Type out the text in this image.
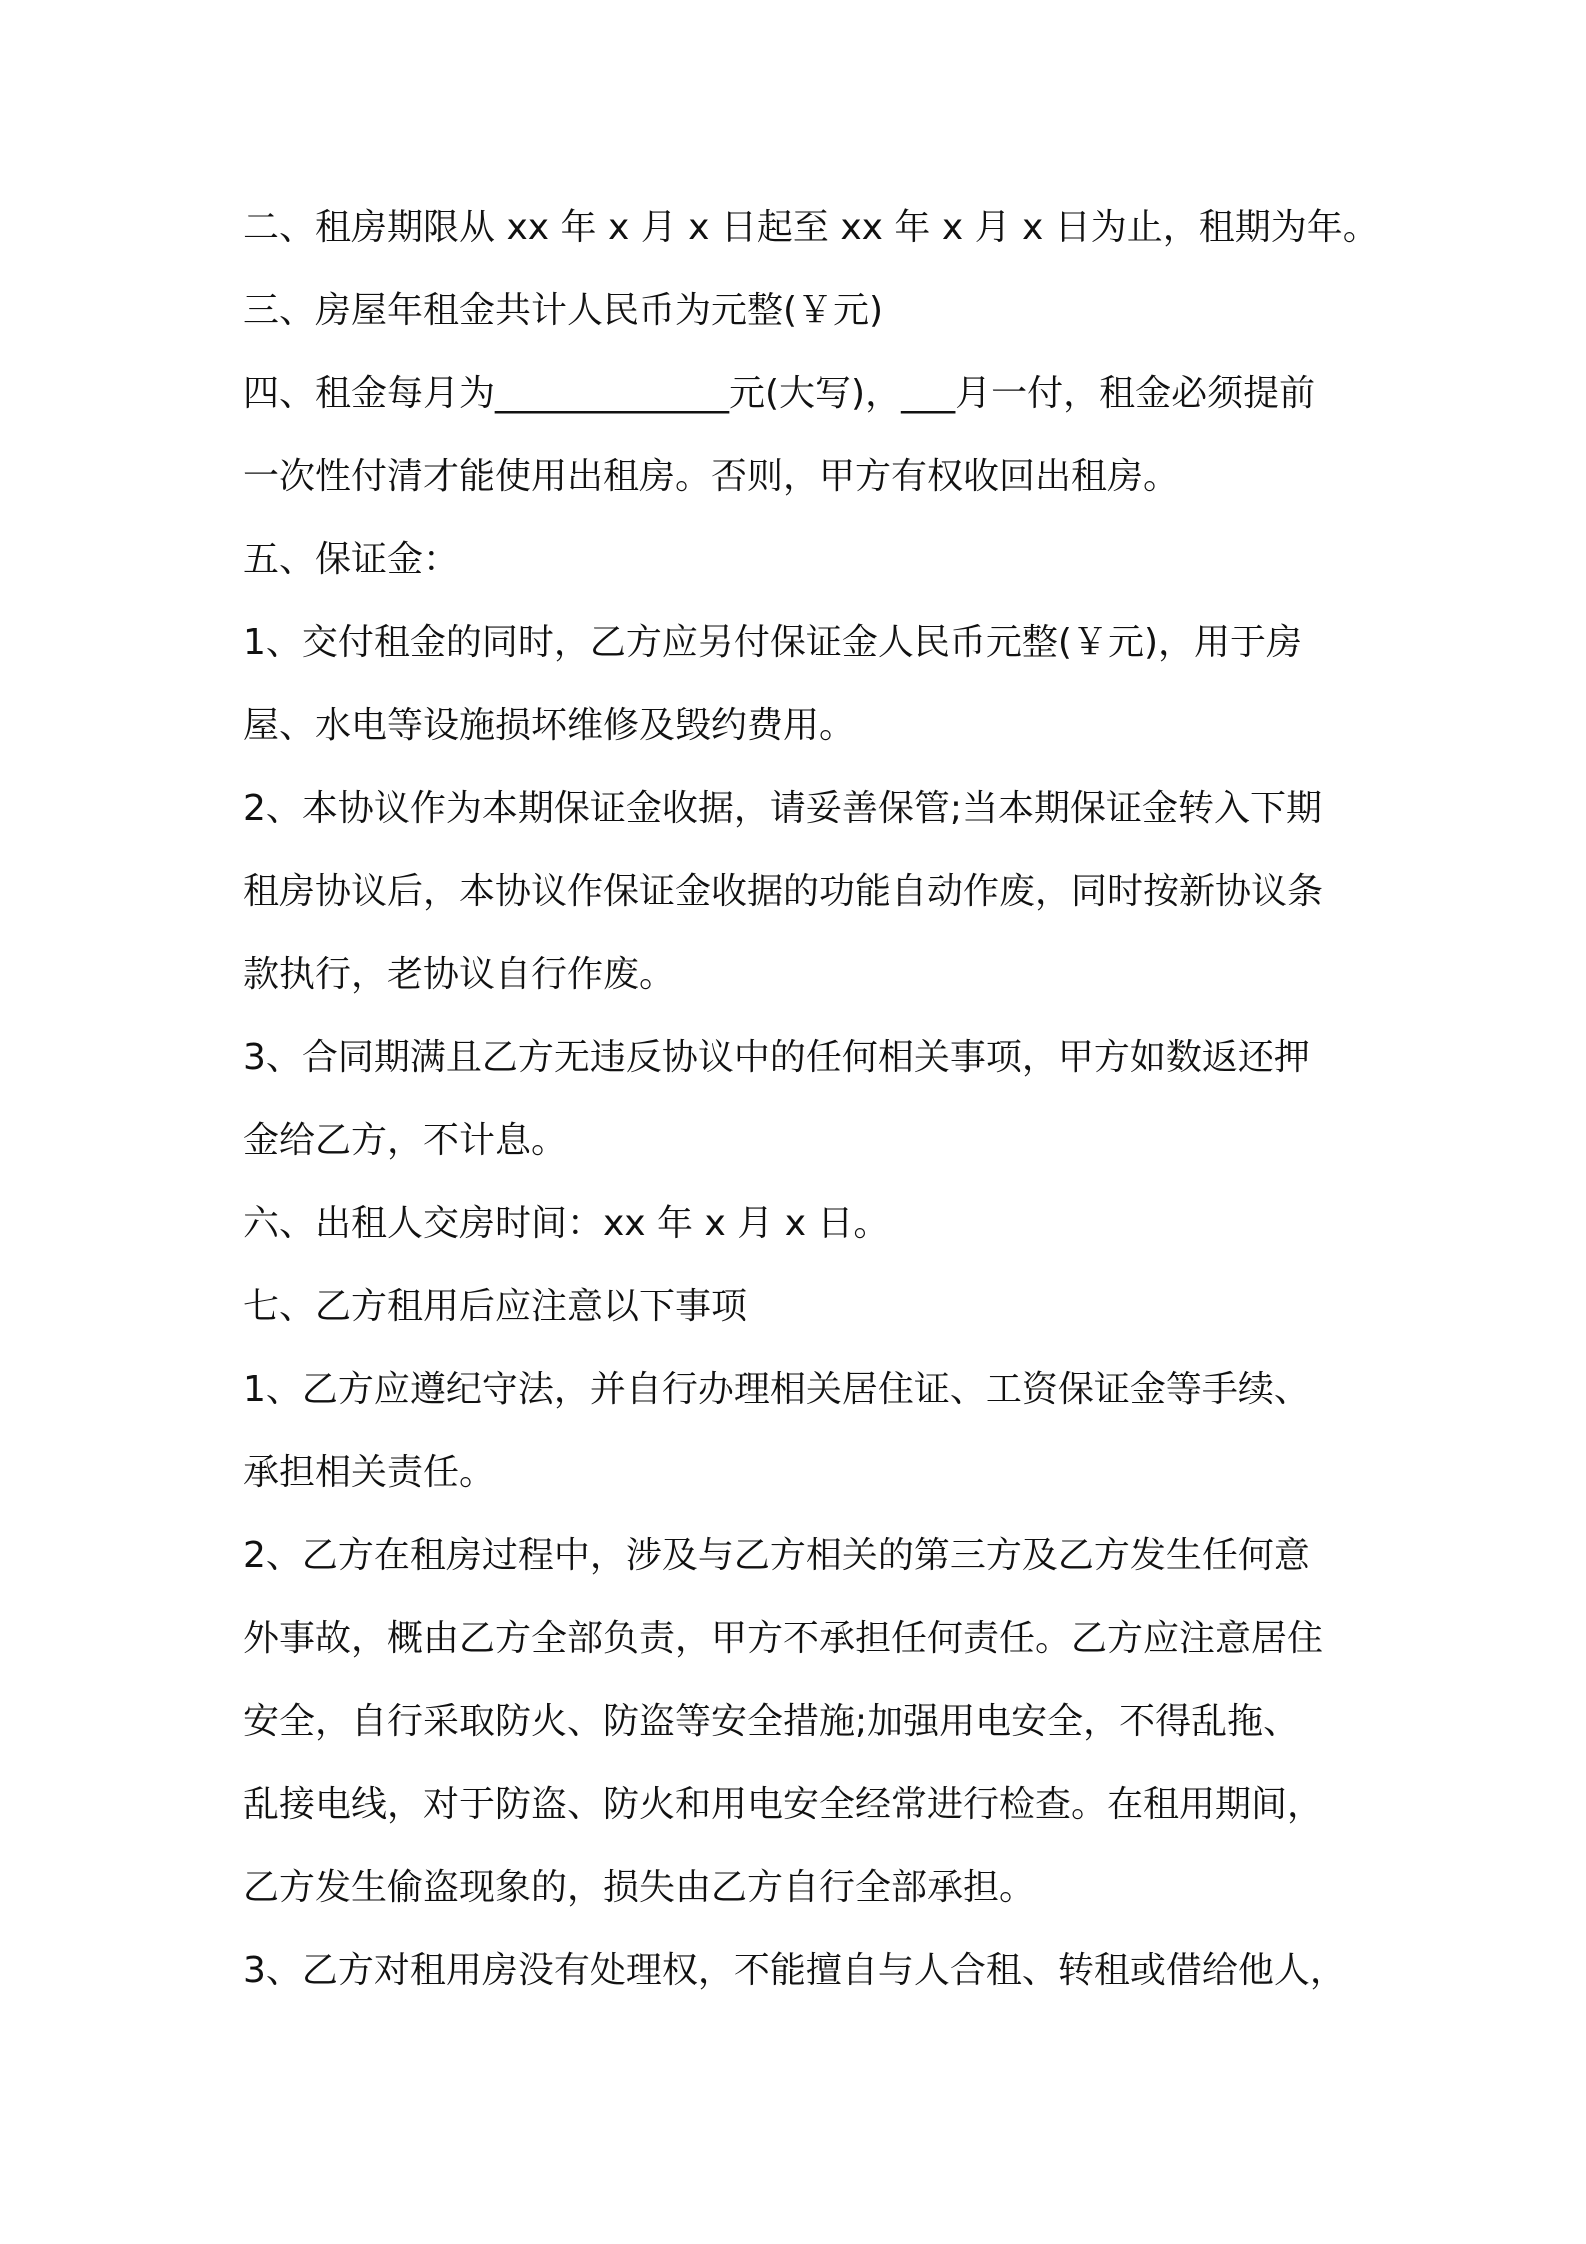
二、租房期限从 xx 年 x 月 x 日起至 xx 年 x 月 x 日为止，租期为年。
三、房屋年租金共计人民币为元整(￥元)
四、租金每月为_____________元(大写)，___月一付，租金必须提前
一次性付清才能使用出租房。否则，甲方有权收回出租房。
五、保证金：
1、交付租金的同时，乙方应另付保证金人民币元整(￥元)，用于房
屋、水电等设施损坏维修及毁约费用。
2、本协议作为本期保证金收据，请妥善保管;当本期保证金转入下期
租房协议后，本协议作保证金收据的功能自动作废，同时按新协议条
款执行，老协议自行作废。
3、合同期满且乙方无违反协议中的任何相关事项，甲方如数返还押
金给乙方，不计息。
六、出租人交房时间：xx 年 x 月 x 日。
七、乙方租用后应注意以下事项
1、乙方应遵纪守法，并自行办理相关居住证、工资保证金等手续、
承担相关责任。
2、乙方在租房过程中，涉及与乙方相关的第三方及乙方发生任何意
外事故，概由乙方全部负责，甲方不承担任何责任。乙方应注意居住
安全，自行采取防火、防盗等安全措施;加强用电安全，不得乱拖、
乱接电线，对于防盗、防火和用电安全经常进行检查。在租用期间，
乙方发生偷盗现象的，损失由乙方自行全部承担。
3、乙方对租用房没有处理权，不能擅自与人合租、转租或借给他人，
